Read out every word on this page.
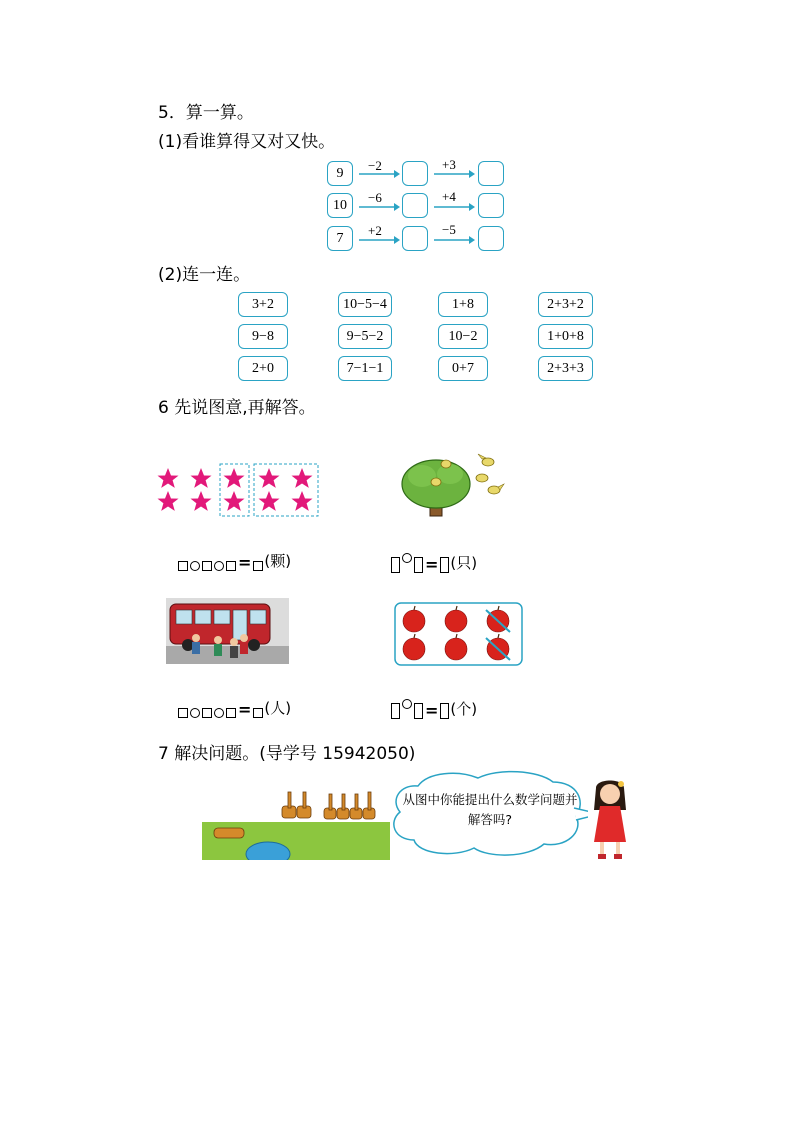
5．算一算。
(1)看谁算得又对又快。
9	−2	+3
10	−6	+4
7	+2	−5
(2)连一连。
3+2	10−5−4	1+8	2+3+2
9−8	9−5−2	10−2	1+0+8
2+0	7−1−1	0+7	2+3+3
6 先说图意,再解答。
= (颗)	= (只)
= (人)	= (个)
7 解决问题。(导学号 15942050)
从图中你能提出什么数学问题并解答吗?
